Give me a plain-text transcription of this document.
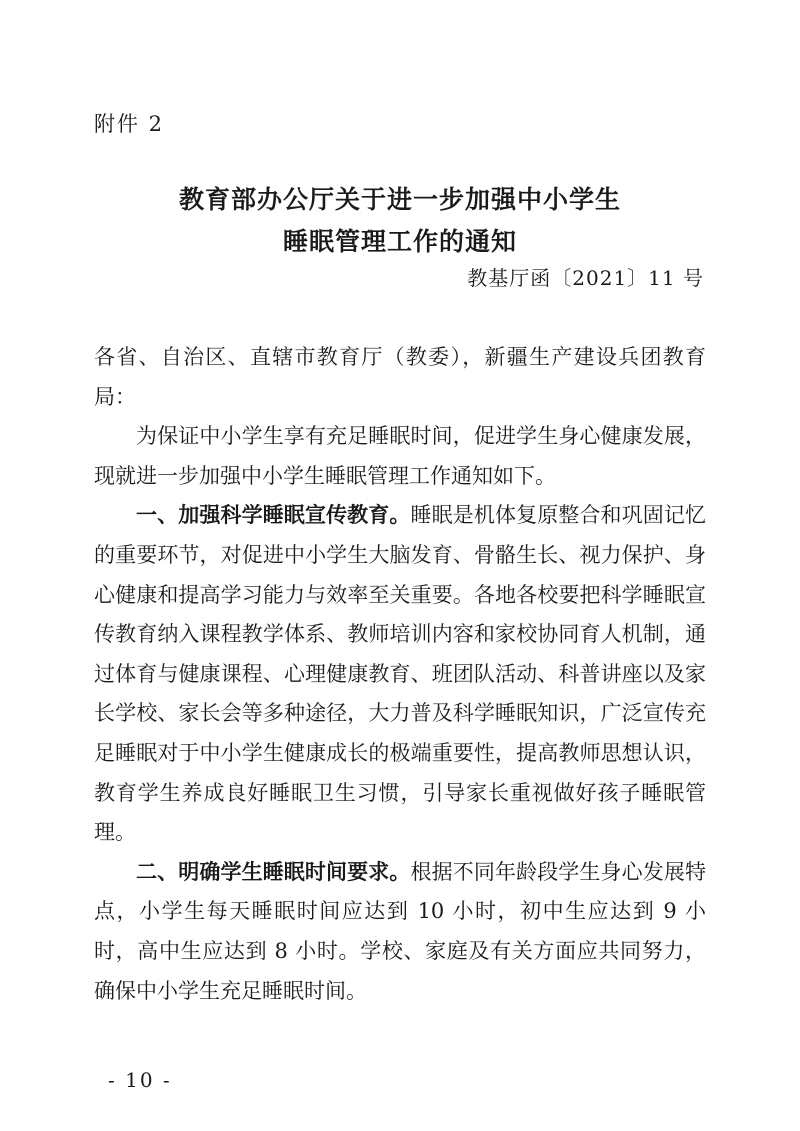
附件 2
教育部办公厅关于进一步加强中小学生
睡眠管理工作的通知
教基厅函〔2021〕11 号

各省、自治区、直辖市教育厅（教委），新疆生产建设兵团教育局：

为保证中小学生享有充足睡眠时间，促进学生身心健康发展，现就进一步加强中小学生睡眠管理工作通知如下。

一、加强科学睡眠宣传教育。睡眠是机体复原整合和巩固记忆的重要环节，对促进中小学生大脑发育、骨骼生长、视力保护、身心健康和提高学习能力与效率至关重要。各地各校要把科学睡眠宣传教育纳入课程教学体系、教师培训内容和家校协同育人机制，通过体育与健康课程、心理健康教育、班团队活动、科普讲座以及家长学校、家长会等多种途径，大力普及科学睡眠知识，广泛宣传充足睡眠对于中小学生健康成长的极端重要性，提高教师思想认识，教育学生养成良好睡眠卫生习惯，引导家长重视做好孩子睡眠管理。

二、明确学生睡眠时间要求。根据不同年龄段学生身心发展特点，小学生每天睡眠时间应达到 10 小时，初中生应达到 9 小时，高中生应达到 8 小时。学校、家庭及有关方面应共同努力，确保中小学生充足睡眠时间。

- 10 -
